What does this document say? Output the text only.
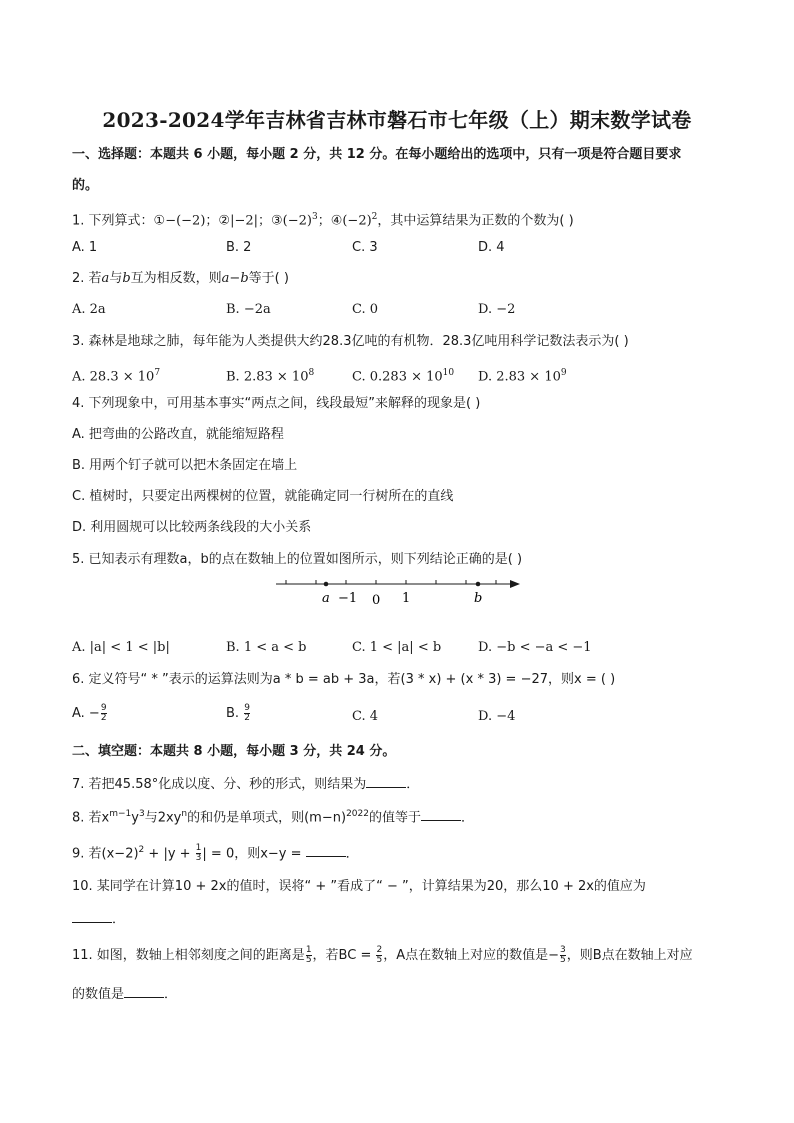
2023-2024学年吉林省吉林市磐石市七年级（上）期末数学试卷
一、选择题：本题共 6 小题，每小题 2 分，共 12 分。在每小题给出的选项中，只有一项是符合题目要求
的。
1. 下列算式：①−(−2)；②|−2|；$③(-2)^3$；$④(-2)^2$，其中运算结果为正数的个数为( )
A. 1	B. 2	C. 3	D. 4
2. 若a与b互为相反数，则a−b等于( )
A. 2a	B. −2a	C. 0	D. −2
3. 森林是地球之肺，每年能为人类提供大约28.3亿吨的有机物．28.3亿吨用科学记数法表示为( )
A. $28.3 \times 10^7$	B. $2.83 \times 10^8$	C. $0.283 \times 10^{10}$ D. $2.83 \times 10^9$
4. 下列现象中，可用基本事实“两点之间，线段最短”来解释的现象是( )
A. 把弯曲的公路改直，就能缩短路程
B. 用两个钉子就可以把木条固定在墙上
C. 植树时，只要定出两棵树的位置，就能确定同一行树所在的直线
D. 利用圆规可以比较两条线段的大小关系
5. 已知表示有理数a，b的点在数轴上的位置如图所示，则下列结论正确的是( )
a −1 0 1	b
A. |a| < 1 < |b|	B. 1 < a < b	C. 1 < |a| < b	D. −b < −a < −1
6. 定义符号“ * ”表示的运算法则为a * b = ab + 3a，若(3 * x) + (x * 3) = −27，则x = ( )
A. − $\frac{9}{2}$	B. $\frac{9}{2}$	C. 4	D. −4
二、填空题：本题共 8 小题，每小题 3 分，共 24 分。
7. 若把45.58°化成以度、分、秒的形式，则结果为	．
8. 若$x^{m-1}y^3$与$2xy^n$的和仍是单项式，则$(m-n)^{2022}$的值等于	．
9. 若$(x-2)^2 + |y + \frac{1}{3}$ | = 0，则x−y =	．
10. 某同学在计算10 + 2x的值时，误将“ + ”看成了“ − ”，计算结果为20，那么10 + 2x的值应为
．
11. 如图，数轴上相邻刻度之间的距离是 $\frac{1}{5}$ ，若BC = $\frac{2}{5}$ ，A点在数轴上对应的数值是− $\frac{3}{5}$ ，则B点在数轴上对应
的数值是	．
